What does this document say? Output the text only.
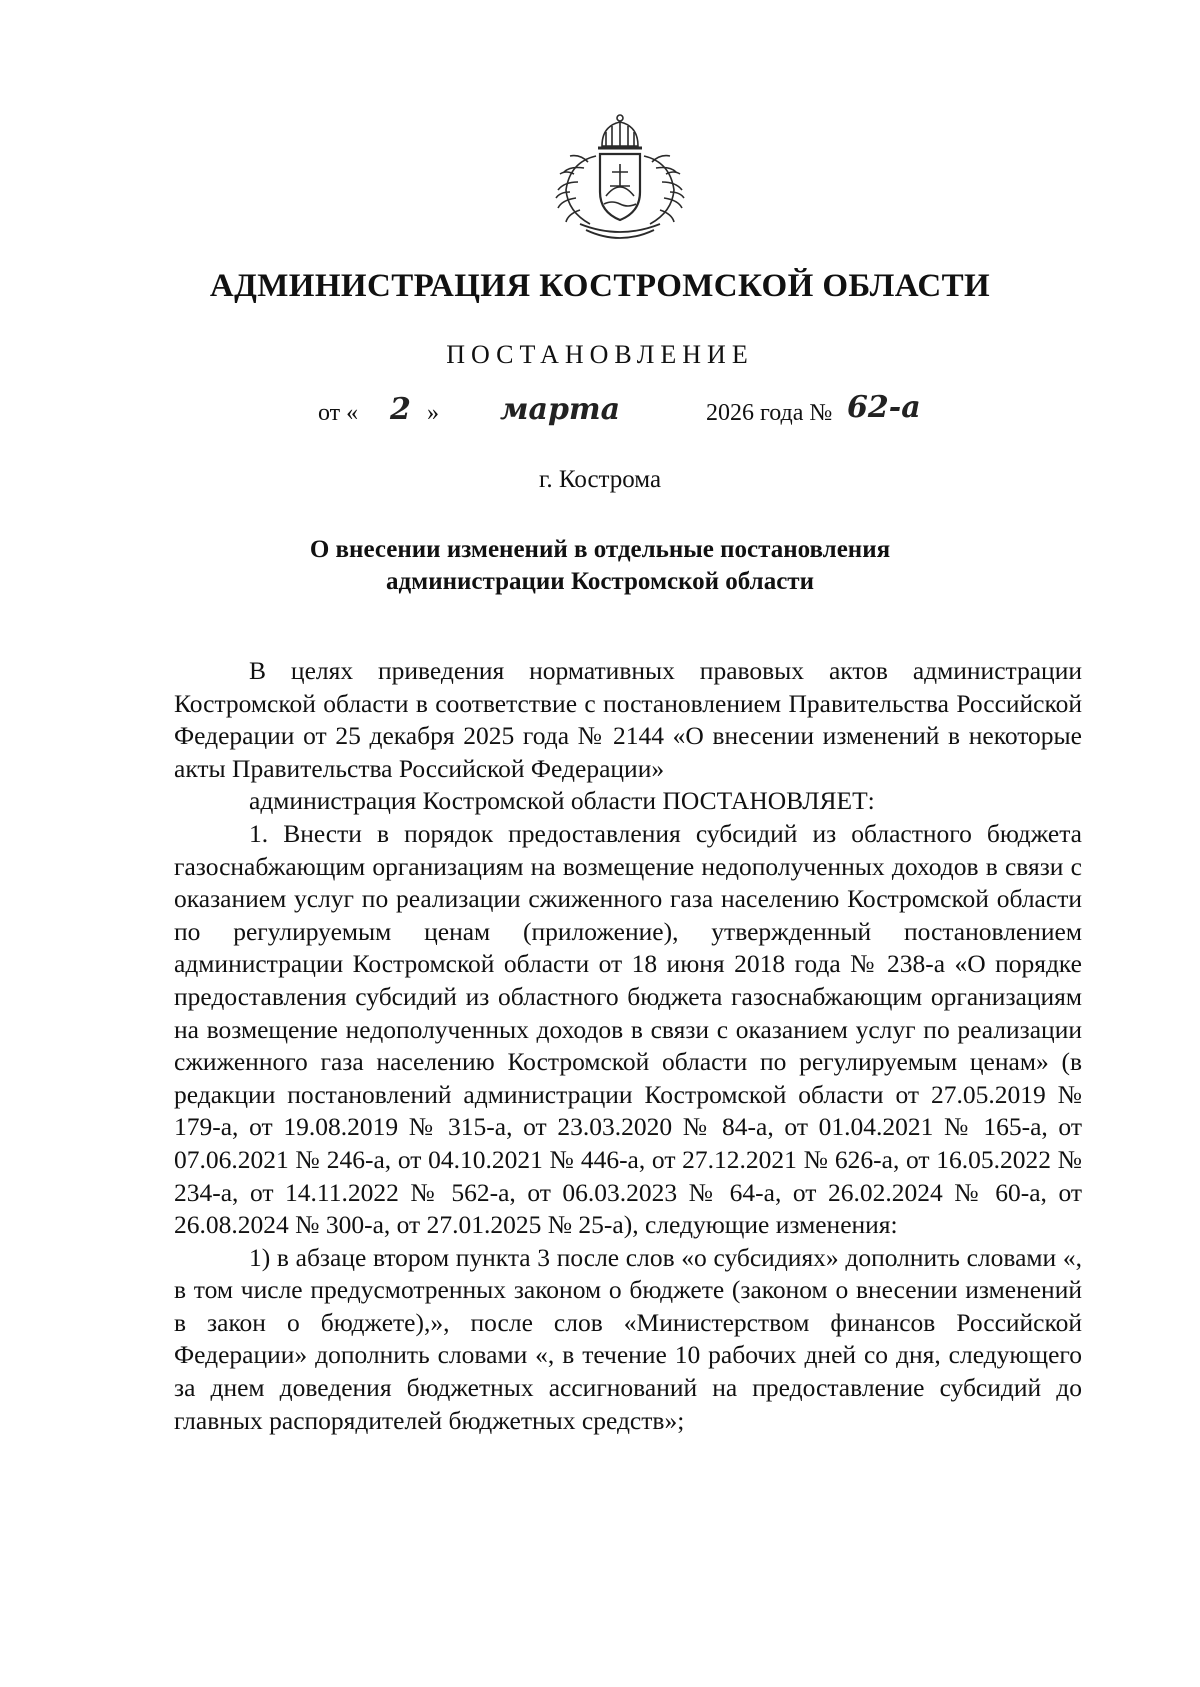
АДМИНИСТРАЦИЯ КОСТРОМСКОЙ ОБЛАСТИ
ПОСТАНОВЛЕНИЕ
от « 2 » марта	2026 года № 62-а
г. Кострома
О внесении изменений в отдельные постановления
администрации Костромской области

В целях приведения нормативных правовых актов администрации Костромской области в соответствие с постановлением Правительства Российской Федерации от 25 декабря 2025 года № 2144 «О внесении изменений в некоторые акты Правительства Российской Федерации»

администрация Костромской области ПОСТАНОВЛЯЕТ:

1. Внести в порядок предоставления субсидий из областного бюджета газоснабжающим организациям на возмещение недополученных доходов в связи с оказанием услуг по реализации сжиженного газа населению Костромской области по регулируемым ценам (приложение), утвержденный постановлением администрации Костромской области от 18 июня 2018 года № 238-а «О порядке предоставления субсидий из областного бюджета газоснабжающим организациям на возмещение недополученных доходов в связи с оказанием услуг по реализации сжиженного газа населению Костромской области по регулируемым ценам» (в редакции постановлений администрации Костромской области от 27.05.2019 № 179-а, от 19.08.2019 № 315-а, от 23.03.2020 № 84-а, от 01.04.2021 № 165-а, от 07.06.2021 № 246-а, от 04.10.2021 № 446-а, от 27.12.2021 № 626-а, от 16.05.2022 № 234-а, от 14.11.2022 № 562-а, от 06.03.2023 № 64-а, от 26.02.2024 № 60-а, от 26.08.2024 № 300-а, от 27.01.2025 № 25-а), следующие изменения:

1) в абзаце втором пункта 3 после слов «о субсидиях» дополнить словами «, в том числе предусмотренных законом о бюджете (законом о внесении изменений в закон о бюджете),», после слов «Министерством финансов Российской Федерации» дополнить словами «, в течение 10 рабочих дней со дня, следующего за днем доведения бюджетных ассигнований на предоставление субсидий до главных распорядителей бюджетных средств»;
